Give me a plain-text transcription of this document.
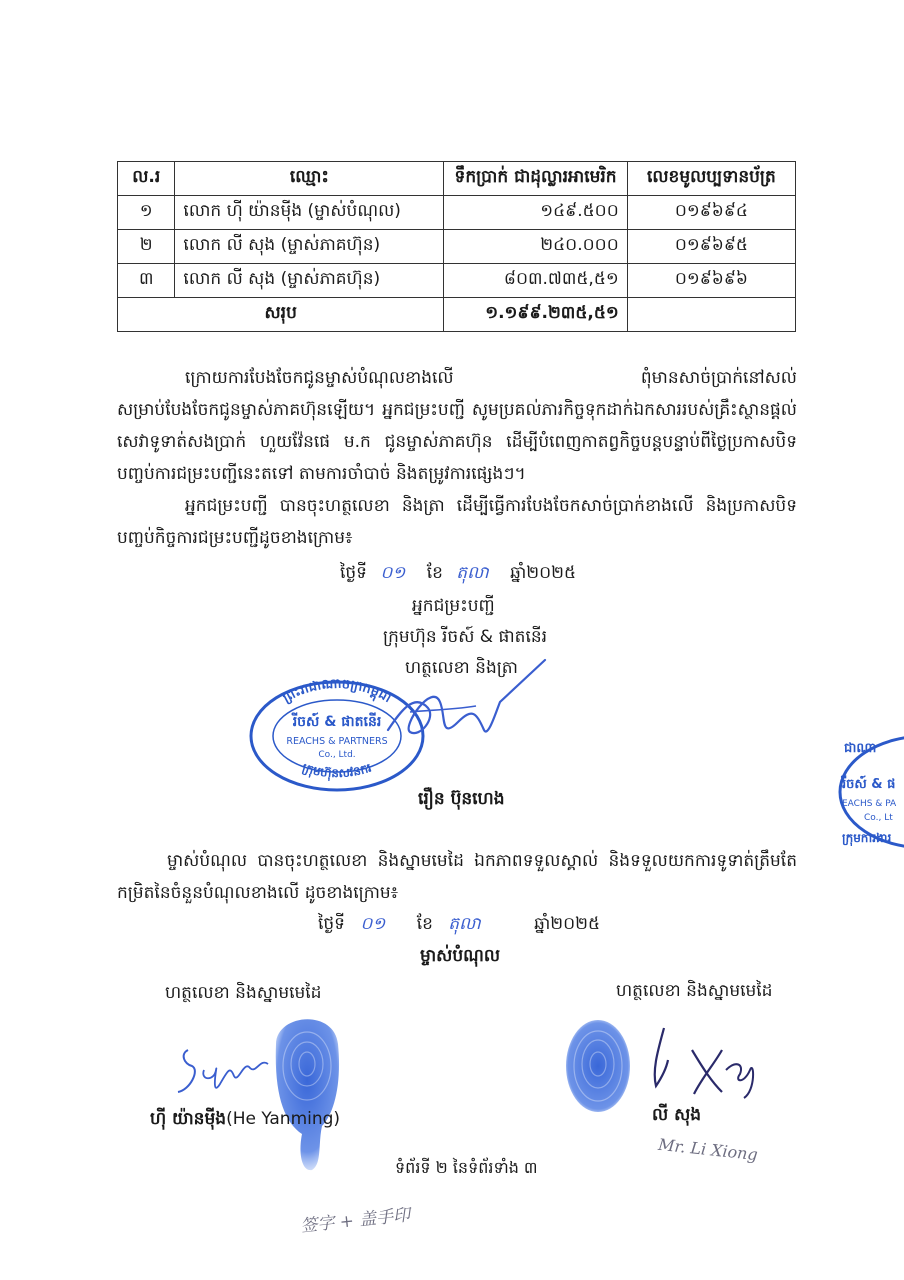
ល.រ	ឈ្មោះ	ទឹកប្រាក់ ជាដុល្លារអាមេរិក	លេខមូលប្បទានប័ត្រ
១	លោក ហ៊ី យ៉ានម៉ីង (ម្ចាស់បំណុល)	១៤៩.៥០០	០១៩៦៩៤
២	លោក លី សុង (ម្ចាស់ភាគហ៊ុន)	២៤០.០០០	០១៩៦៩៥
៣	លោក លី សុង (ម្ចាស់ភាគហ៊ុន)	៨០៣.៧៣៥,៥១	០១៩៦៩៦
សរុប		១.១៩៩.២៣៥,៥១	
ក្រោយការបែងចែកជូនម្ចាស់បំណុលខាងលើ ពុំមានសាច់ប្រាក់នៅសល់សម្រាប់បែងចែកជូនម្ចាស់ភាគហ៊ុនឡើយ។ អ្នកជម្រះបញ្ជី សូមប្រគល់ភារកិច្ចទុកដាក់ឯកសាររបស់គ្រឹះស្ថានផ្ដល់សេវាទូទាត់សងប្រាក់ ហួយវ៉ែនផេ ម.ក ជូនម្ចាស់ភាគហ៊ុន ដើម្បីបំពេញកាតព្វកិច្ចបន្តបន្ទាប់ពីថ្ងៃប្រកាសបិទបញ្ចប់ការជម្រះបញ្ជីនេះតទៅ តាមការចាំបាច់ និងតម្រូវការផ្សេងៗ។
អ្នកជម្រះបញ្ជី បានចុះហត្ថលេខា និងត្រា ដើម្បីធ្វើការបែងចែកសាច់ប្រាក់ខាងលើ និងប្រកាសបិទបញ្ចប់កិច្ចការជម្រះបញ្ជីដូចខាងក្រោម៖
ថ្ងៃទី ០១ ខែ តុលា ឆ្នាំ២០២៥
អ្នកជម្រះបញ្ជី
ក្រុមហ៊ុន រីចស៍ & ផាតនើរ
ហត្ថលេខា និងត្រា
ព្រះរាជាណាចក្រកម្ពុជា
ក្រុមហ៊ុនសវនករ
រីចស៍ & ផាតនើរ
REACHS & PARTNERS
Co., Ltd.
រឿន ប៊ុនហេង
ជាណា
រីចស៍ & ផ
EACHS & PA
Co., Lt
ក្រុមការងារ
ម្ចាស់បំណុល បានចុះហត្ថលេខា និងស្នាមមេដៃ ឯកភាពទទួលស្គាល់ និងទទួលយកការទូទាត់ត្រឹមតែកម្រិតនៃចំនួនបំណុលខាងលើ ដូចខាងក្រោម៖
ថ្ងៃទី ០១ ខែ តុលា	ឆ្នាំ២០២៥
ម្ចាស់បំណុល
ហត្ថលេខា និងស្នាមមេដៃ	ហត្ថលេខា និងស្នាមមេដៃ
ហ៊ី យ៉ានម៉ីង(He Yanming)	លី សុង
Mr. Li Xiong
ទំព័រទី ២ នៃទំព័រទាំង ៣
签字 + 盖手印
